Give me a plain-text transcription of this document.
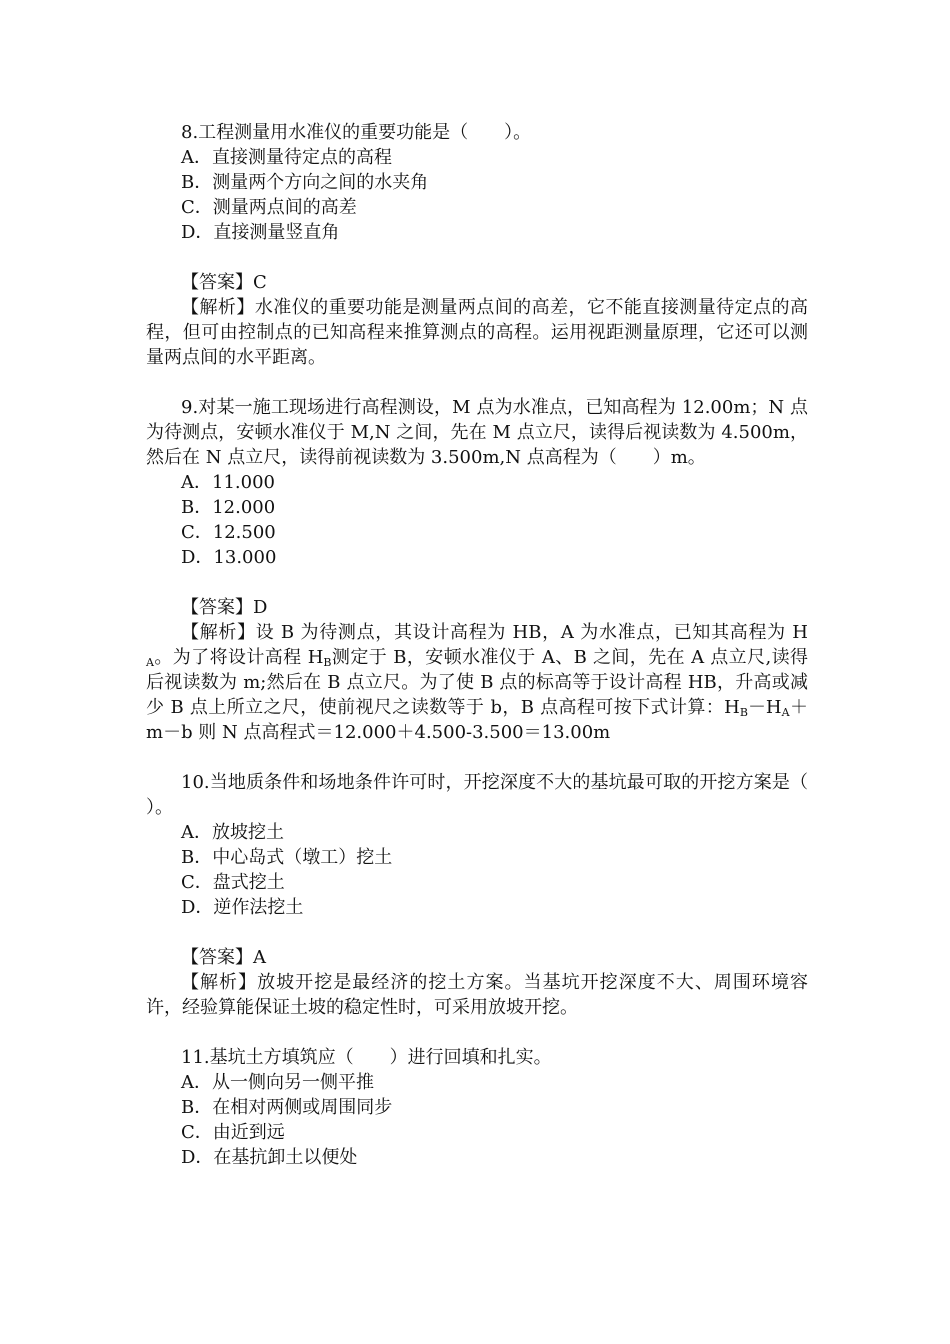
8.工程测量用水准仪的重要功能是（　　）。
A．直接测量待定点的高程
B．测量两个方向之间的水夹角
C．测量两点间的高差
D．直接测量竖直角
【答案】C
【解析】水准仪的重要功能是测量两点间的高差，它不能直接测量待定点的高程，但可由控制点的已知高程来推算测点的高程。运用视距测量原理，它还可以测量两点间的水平距离。
9.对某一施工现场进行高程测设，M 点为水准点，已知高程为 12.00m；N 点为待测点，安顿水准仪于 M,N 之间，先在 M 点立尺，读得后视读数为 4.500m，然后在 N 点立尺，读得前视读数为 3.500m,N 点高程为（　　）m。
A．11.000
B．12.000
C．12.500
D．13.000
【答案】D
【解析】设 B 为待测点，其设计高程为 HB，A 为水准点，已知其高程为 $H_A$。为了将设计高程 $H_B$测定于 B，安顿水准仪于 A、B 之间，先在 A 点立尺,读得后视读数为 m;然后在 B 点立尺。为了使 B 点的标高等于设计高程 HB，升高或减少 B 点上所立之尺，使前视尺之读数等于 b，B 点高程可按下式计算：$H_B-H_A+m-b$ 则 N 点高程式＝12.000＋4.500-3.500＝13.00m
10.当地质条件和场地条件许可时，开挖深度不大的基坑最可取的开挖方案是（　　）。
A．放坡挖土
B．中心岛式（墩工）挖土
C．盘式挖土
D．逆作法挖土
【答案】A
【解析】放坡开挖是最经济的挖土方案。当基坑开挖深度不大、周围环境容许，经验算能保证土坡的稳定性时，可采用放坡开挖。
11.基坑土方填筑应（　　）进行回填和扎实。
A．从一侧向另一侧平推
B．在相对两侧或周围同步
C．由近到远
D．在基抗卸土以便处
